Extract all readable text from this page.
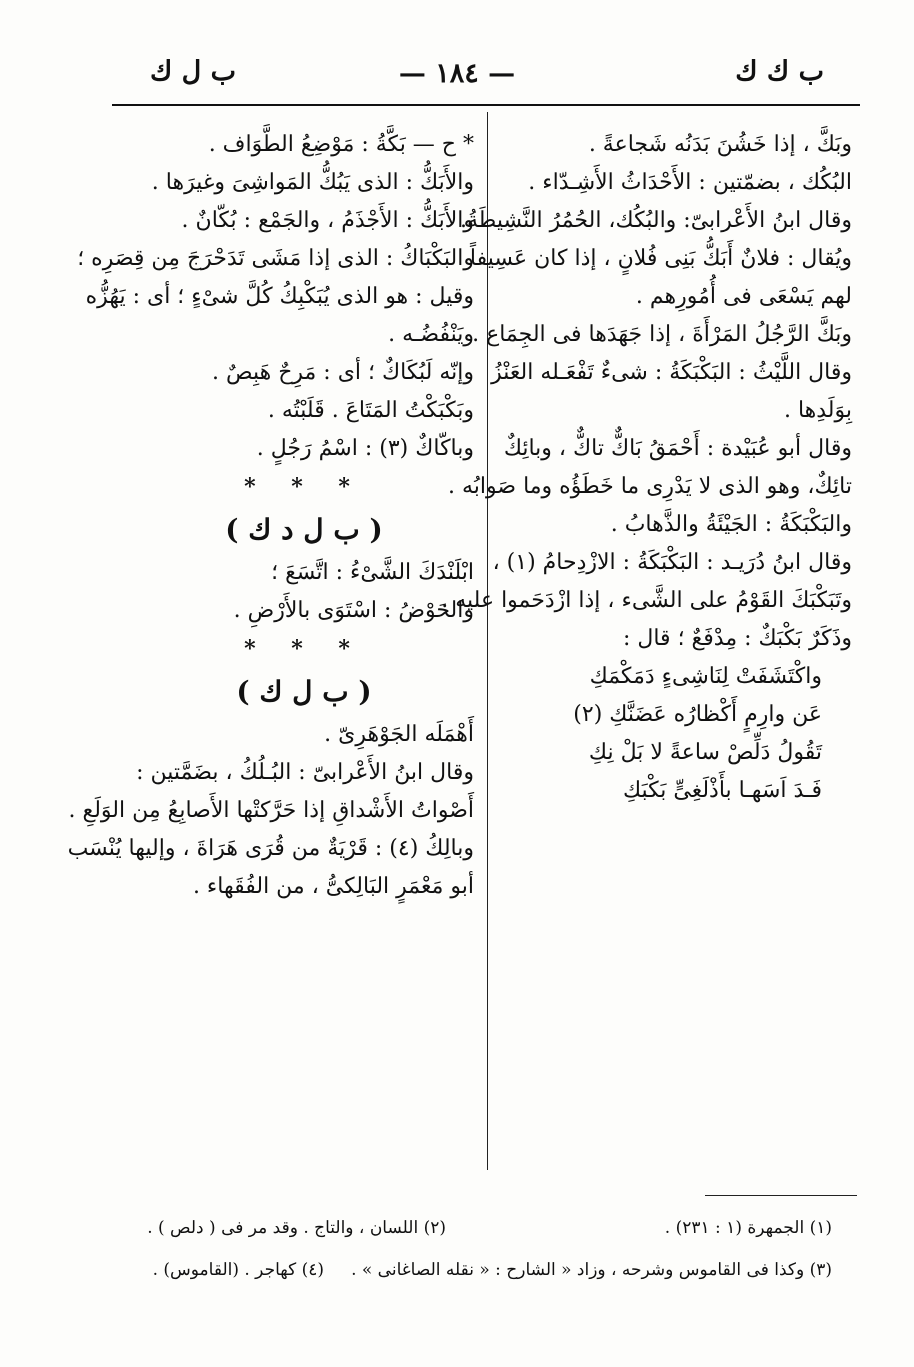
ب ك ك
— ١٨٤ —
ب ل ك

وبَكَّ ، إذا خَشُنَ بَدَنُه شَجاعةً .

البُكُك ، بضمّتين : الأَحْدَاثُ الأَشِـدّاء .

وقال ابنُ الأَعْرابىّ: والبُكُك، الحُمُرُ النَّشِيطَةُ.

ويُقال : فلانٌ أَبَكُّ بَنِى فُلانٍ ، إذا كان عَسِيفاً

لهم يَسْعَى فى أُمُورِهم .

وبَكَّ الرَّجُلُ المَرْأَةَ ، إذا جَهَدَها فى الجِمَاع .

وقال اللَّيْثُ : البَكْبَكَةُ : شىءٌ تَفْعَـله العَنْزُ

بِوَلَدِها .

وقال أبو عُبَيْدة : أَحْمَقُ بَاكٌّ تاكٌّ ، وبائِكٌ

تائِكٌ، وهو الذى لا يَدْرِى ما خَطَؤُه وما صَوابُه .

والبَكْبَكَةُ : الجَيْئَةُ والذَّهابُ .

وقال ابنُ دُرَيـد : البَكْبَكَةُ : الازْدِحامُ (١) ،

وتَبَكْبَكَ القَوْمُ على الشَّىء ، إذا ازْدَحَموا عليه .

وذَكَرٌ بَكْبَكٌ : مِدْفَعٌ ؛ قال :

واكْتَشَفَتْ لِنَاشِىءٍ دَمَكْمَكِ

عَن وارِمٍ أَكْظارُه عَضَنَّكِ (٢)

تَقُولُ دَلِّصْ ساعةً لا بَلْ نِكِ

فَـدَ اَسَهـا بأَذْلَغِىٍّ بَكْبَكِ

* ح — بَكَّةُ : مَوْضِعُ الطَّوَاف .

والأَبَكُّ : الذى يَبُكُّ المَواشِىَ وغيرَها .

والأَبَكُّ : الأَجْذَمُ ، والجَمْع : بُكّانٌ .

والبَكْبَاكُ : الذى إذا مَشَى تَدَحْرَجَ مِن قِصَرِه ؛

وقيل : هو الذى يُبَكْبِكُ كُلَّ شىْءٍ ؛ أى : يَهُزُّه

ويَنْفُضُـه .

وإنّه لَبُكَاكٌ ؛ أى : مَرِحٌ هَبِصٌ .

وبَكْبَكْتُ المَتَاعَ . قَلَبْتُه .

وباكّاكٌ (٣) : اسْمُ رَجُلٍ .

* * *

( ب ل د ك )

ابْلَنْدَكَ الشَّىْءُ : اتَّسَعَ ؛

والحَوْضُ : اسْتَوَى بالأَرْضِ .

* * *

( ب ل ك )

أَهْمَلَه الجَوْهَرِىّ .

وقال ابنُ الأَعْرابىّ : البُـلُكُ ، بضَمَّتين :

أَصْواتُ الأَشْداقِ إذا حَرَّكتْها الأَصابِعُ مِن الوَلَعِ .

وبالِكُ (٤) : قَرْيَةٌ من قُرَى هَرَاةَ ، وإليها يُنْسَب

أبو مَعْمَرٍ البَالِكىُّ ، من الفُقَهاء .

(١) الجمهرة (١ : ٢٣١) .
(٢) اللسان ، والتاج . وقد مر فى ( دلص ) .
(٣) وكذا فى القاموس وشرحه ، وزاد « الشارح : « نقله الصاغانى » .
(٤) كهاجر . (القاموس) .
